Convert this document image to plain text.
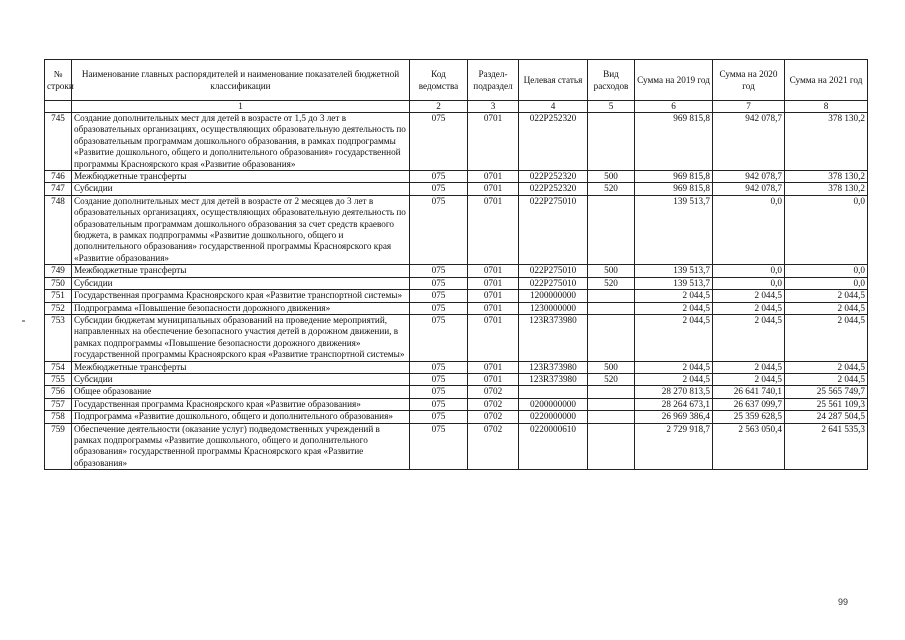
№ строки	Наименование главных распорядителей и наименование показателей бюджетной классификации	Код ведомства	Раздел-подраздел	Целевая статья	Вид расходов	Сумма на 2019 год	Сумма на 2020 год	Сумма на 2021 год
	1	2	3	4	5	6	7	8
745	Создание дополнительных мест для детей в возрасте от 1,5 до 3 лет в образовательных организациях, осуществляющих образовательную деятельность по образовательным программам дошкольного образования, в рамках подпрограммы «Развитие дошкольного, общего и дополнительного образования» государственной программы Красноярского края «Развитие образования»	075	0701	022P252320		969 815,8	942 078,7	378 130,2
746	Межбюджетные трансферты	075	0701	022P252320	500	969 815,8	942 078,7	378 130,2
747	Субсидии	075	0701	022P252320	520	969 815,8	942 078,7	378 130,2
748	Создание дополнительных мест для детей в возрасте от 2 месяцев до 3 лет в образовательных организациях, осуществляющих образовательную деятельность по образовательным программам дошкольного образования за счет средств краевого бюджета, в рамках подпрограммы «Развитие дошкольного, общего и дополнительного образования» государственной программы Красноярского края «Развитие образования»	075	0701	022P275010		139 513,7	0,0	0,0
749	Межбюджетные трансферты	075	0701	022P275010	500	139 513,7	0,0	0,0
750	Субсидии	075	0701	022P275010	520	139 513,7	0,0	0,0
751	Государственная программа Красноярского края «Развитие транспортной системы»	075	0701	1200000000		2 044,5	2 044,5	2 044,5
752	Подпрограмма «Повышение безопасности дорожного движения»	075	0701	1230000000		2 044,5	2 044,5	2 044,5
753	Субсидии бюджетам муниципальных образований на проведение мероприятий, направленных на обеспечение безопасного участия детей в дорожном движении, в рамках подпрограммы «Повышение безопасности дорожного движения» государственной программы Красноярского края «Развитие транспортной системы»	075	0701	123R373980		2 044,5	2 044,5	2 044,5
754	Межбюджетные трансферты	075	0701	123R373980	500	2 044,5	2 044,5	2 044,5
755	Субсидии	075	0701	123R373980	520	2 044,5	2 044,5	2 044,5
756	Общее образование	075	0702			28 270 813,5	26 641 740,1	25 565 749,7
757	Государственная программа Красноярского края «Развитие образования»	075	0702	0200000000		28 264 673,1	26 637 099,7	25 561 109,3
758	Подпрограмма «Развитие дошкольного, общего и дополнительного образования»	075	0702	0220000000		26 969 386,4	25 359 628,5	24 287 504,5
759	Обеспечение деятельности (оказание услуг) подведомственных учреждений в рамках подпрограммы «Развитие дошкольного, общего и дополнительного образования» государственной программы Красноярского края «Развитие образования»	075	0702	0220000610		2 729 918,7	2 563 050,4	2 641 535,3
99
